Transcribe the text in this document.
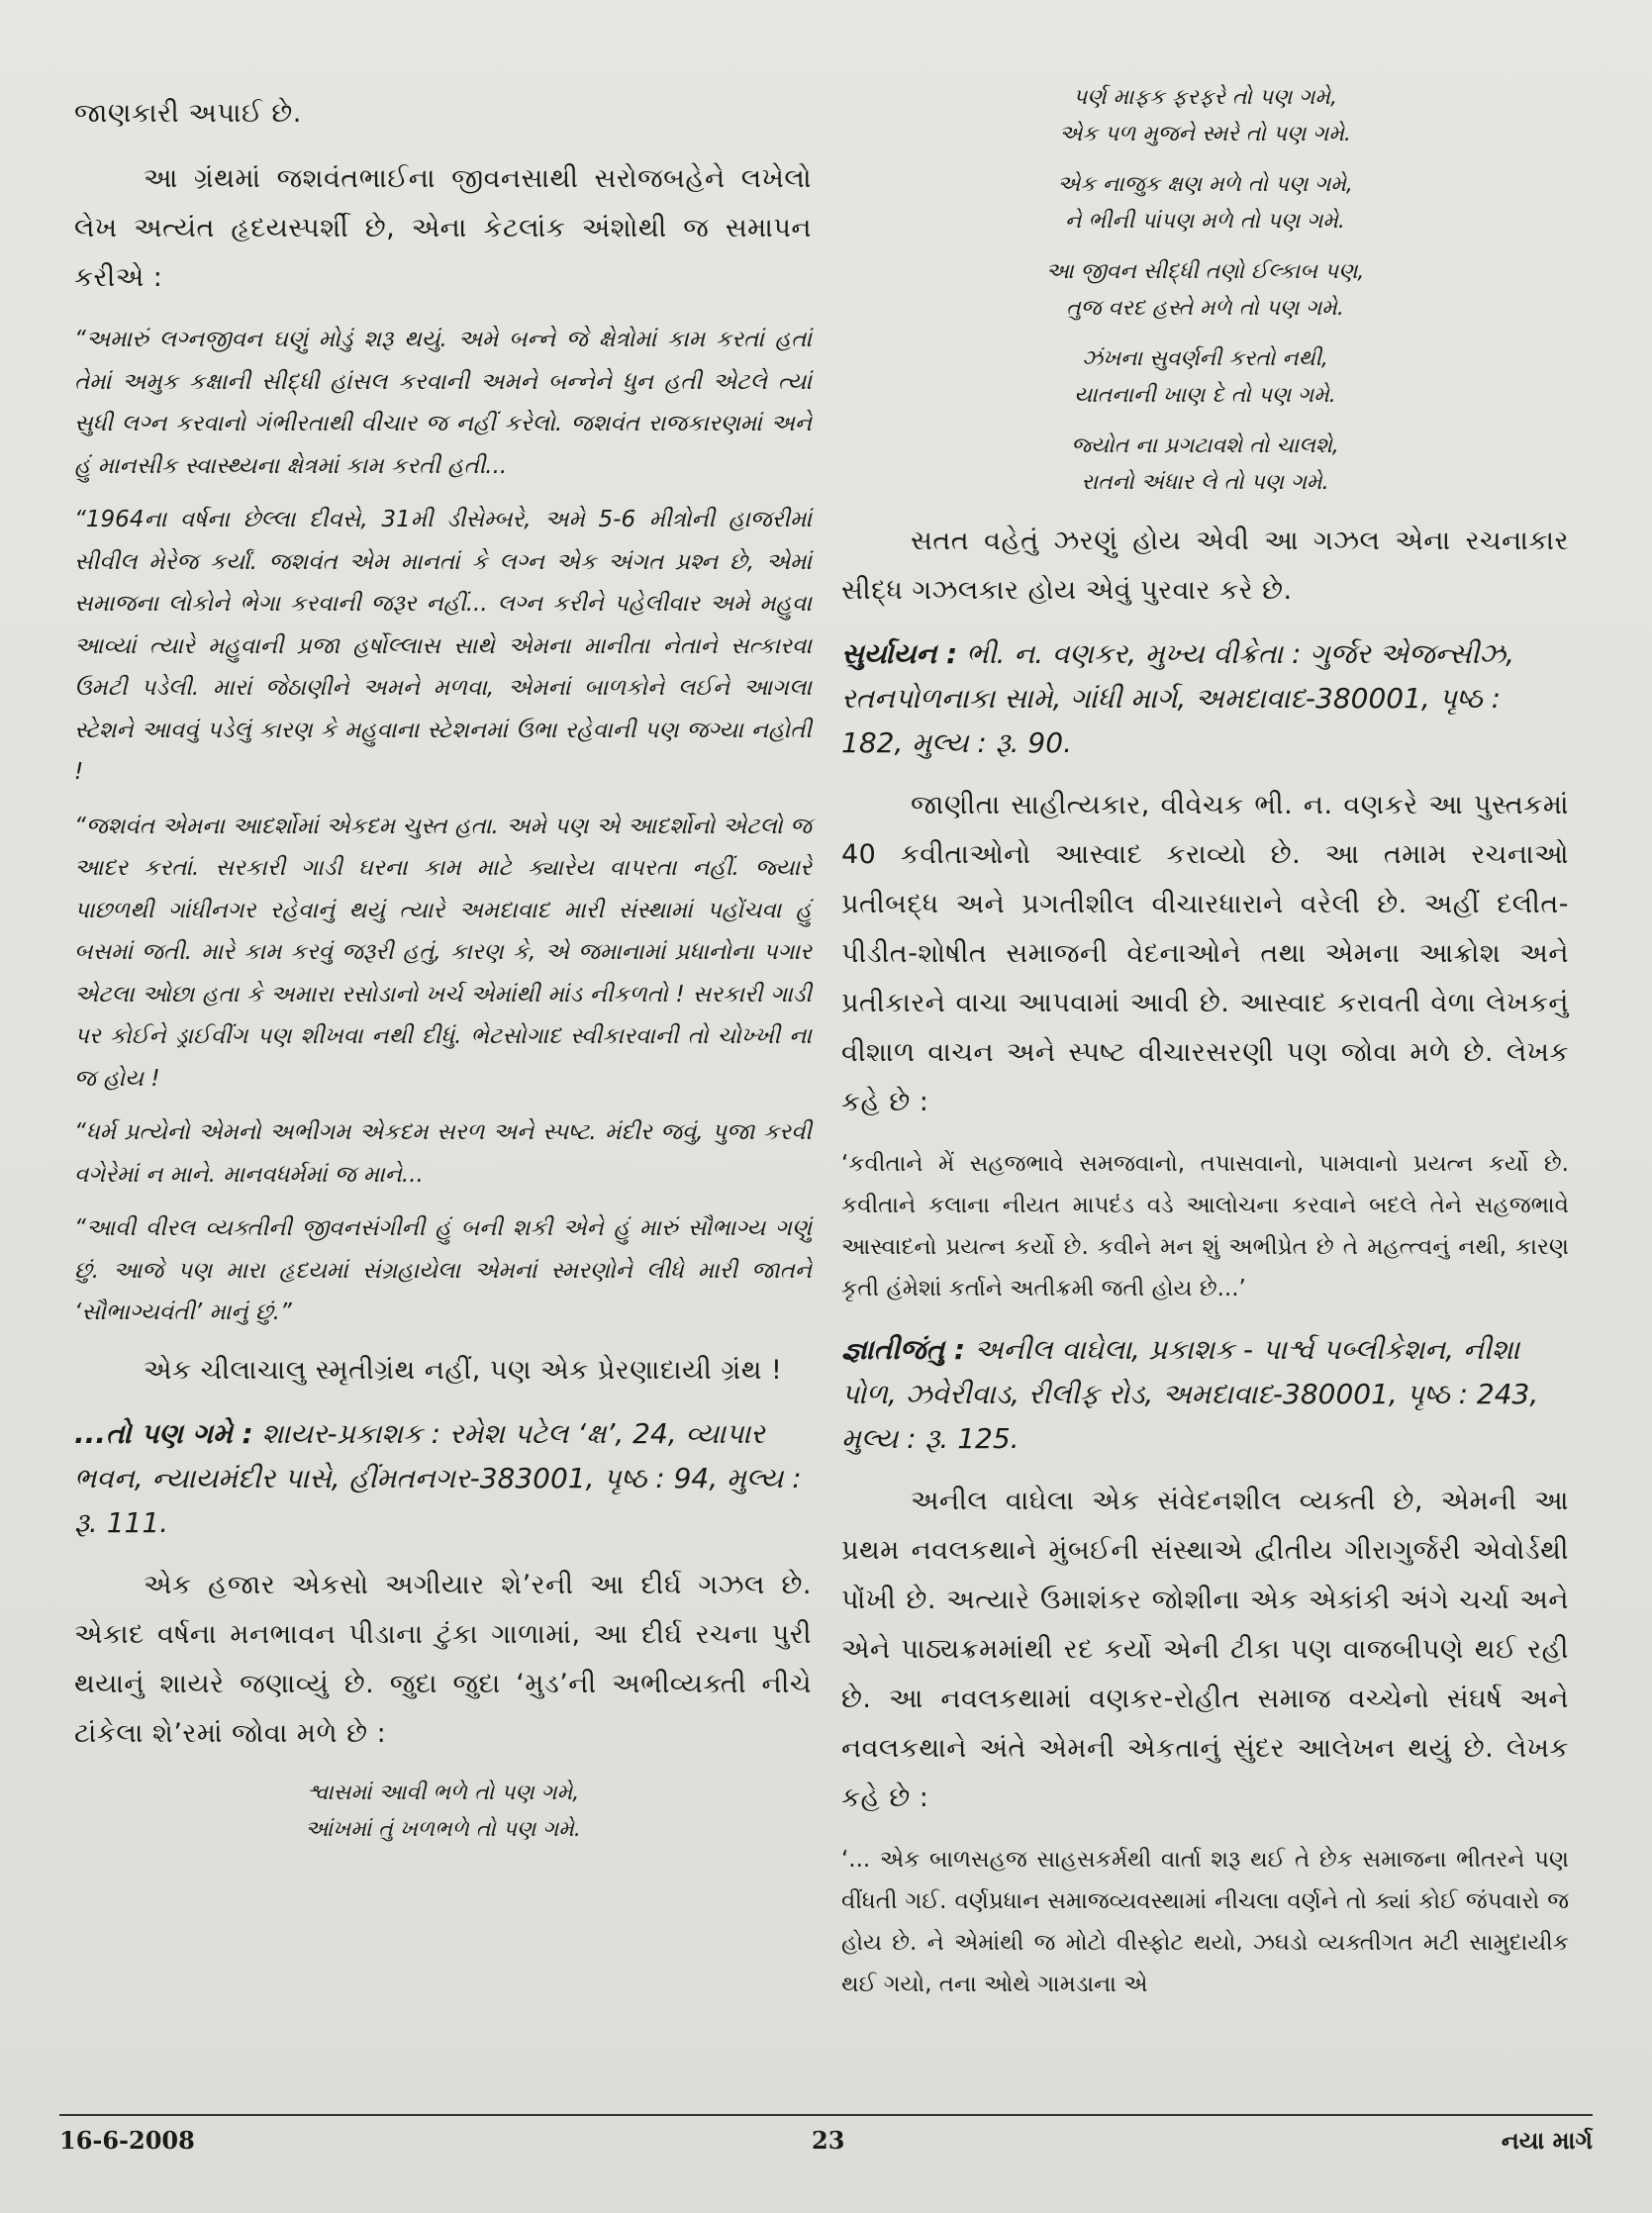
જાણકારી અપાઈ છે.

આ ગ્રંથમાં જશવંતભાઈના જીવનસાથી સરોજબહેને લખેલો લેખ અત્યંત હૃદયસ્પર્શી છે, એના કેટલાંક અંશોથી જ સમાપન કરીએ :

“અમારું લગ્નજીવન ઘણું મોડું શરૂ થયું. અમે બન્ને જે ક્ષેત્રોમાં કામ કરતાં હતાં તેમાં અમુક કક્ષાની સીદ્ધી હાંસલ કરવાની અમને બન્નેને ધુન હતી એટલે ત્યાં સુધી લગ્ન કરવાનો ગંભીરતાથી વીચાર જ નહીં કરેલો. જશવંત રાજકારણમાં અને હું માનસીક સ્વાસ્થ્યના ક્ષેત્રમાં કામ કરતી હતી...

“1964ના વર્ષના છેલ્લા દીવસે, 31મી ડીસેમ્બરે, અમે 5-6 મીત્રોની હાજરીમાં સીવીલ મેરેજ કર્યાં. જશવંત એમ માનતાં કે લગ્ન એક અંગત પ્રશ્ન છે, એમાં સમાજના લોકોને ભેગા કરવાની જરૂર નહીં... લગ્ન કરીને પહેલીવાર અમે મહુવા આવ્યાં ત્યારે મહુવાની પ્રજા હર્ષોલ્લાસ સાથે એમના માનીતા નેતાને સત્કારવા ઉમટી પડેલી. મારાં જેઠાણીને અમને મળવા, એમનાં બાળકોને લઈને આગલા સ્ટેશને આવવું પડેલું કારણ કે મહુવાના સ્ટેશનમાં ઉભા રહેવાની પણ જગ્યા નહોતી !

“જશવંત એમના આદર્શોમાં એકદમ ચુસ્ત હતા. અમે પણ એ આદર્શોનો એટલો જ આદર કરતાં. સરકારી ગાડી ઘરના કામ માટે ક્યારેય વાપરતા નહીં. જ્યારે પાછળથી ગાંધીનગર રહેવાનું થયું ત્યારે અમદાવાદ મારી સંસ્થામાં પહોંચવા હું બસમાં જતી. મારે કામ કરવું જરૂરી હતું, કારણ કે, એ જમાનામાં પ્રધાનોના પગાર એટલા ઓછા હતા કે અમારા રસોડાનો ખર્ચ એમાંથી માંડ નીકળતો ! સરકારી ગાડી પર કોઈને ડ્રાઈવીંગ પણ શીખવા નથી દીધું. ભેટસોગાદ સ્વીકારવાની તો ચોખ્ખી ના જ હોય !

“ધર્મ પ્રત્યેનો એમનો અભીગમ એકદમ સરળ અને સ્પષ્ટ. મંદીર જવું, પુજા કરવી વગેરેમાં ન માને. માનવધર્મમાં જ માને...

“આવી વીરલ વ્યક્તીની જીવનસંગીની હું બની શકી એને હું મારું સૌભાગ્ય ગણું છું. આજે પણ મારા હૃદયમાં સંગ્રહાયેલા એમનાં સ્મરણોને લીધે મારી જાતને ‘સૌભાગ્યવંતી’ માનું છું.”

એક ચીલાચાલુ સ્મૃતીગ્રંથ નહીં, પણ એક પ્રેરણાદાયી ગ્રંથ !

...તો પણ ગમે : શાયર-પ્રકાશક : રમેશ પટેલ ‘ક્ષ’, 24, વ્યાપાર ભવન, ન્યાયમંદીર પાસે, હીંમતનગર-383001, પૃષ્ઠ : 94, મુલ્ય : રૂ. 111.

એક હજાર એકસો અગીયાર શે’રની આ દીર્ઘ ગઝલ છે. એકાદ વર્ષના મનભાવન પીડાના ટુંકા ગાળામાં, આ દીર્ઘ રચના પુરી થયાનું શાયરે જણાવ્યું છે. જુદા જુદા ‘મુડ’ની અભીવ્યક્તી નીચે ટાંકેલા શે’રમાં જોવા મળે છે :

શ્વાસમાં આવી ભળે તો પણ ગમે,
આંખમાં તું ખળભળે તો પણ ગમે.
પર્ણ માફક ફરફરે તો પણ ગમે,
એક પળ મુજને સ્મરે તો પણ ગમે.
એક નાજુક ક્ષણ મળે તો પણ ગમે,
ને ભીની પાંપણ મળે તો પણ ગમે.
આ જીવન સીદ્ધી તણો ઈલ્કાબ પણ,
તુજ વરદ હસ્તે મળે તો પણ ગમે.
ઝંખના સુવર્ણની કરતો નથી,
યાતનાની ખાણ દે તો પણ ગમે.
જ્યોત ના પ્રગટાવશે તો ચાલશે,
રાતનો અંધાર લે તો પણ ગમે.

સતત વહેતું ઝરણું હોય એવી આ ગઝલ એના રચનાકાર સીદ્ધ ગઝલકાર હોય એવું પુરવાર કરે છે.

સુર્યાયન : ભી. ન. વણકર, મુખ્ય વીક્રેતા : ગુર્જર એજન્સીઝ, રતનપોળનાકા સામે, ગાંધી માર્ગ, અમદાવાદ-380001, પૃષ્ઠ : 182, મુલ્ય : રૂ. 90.

જાણીતા સાહીત્યકાર, વીવેચક ભી. ન. વણકરે આ પુસ્તકમાં 40 કવીતાઓનો આસ્વાદ કરાવ્યો છે. આ તમામ રચનાઓ પ્રતીબદ્ધ અને પ્રગતીશીલ વીચારધારાને વરેલી છે. અહીં દલીત-પીડીત-શોષીત સમાજની વેદનાઓને તથા એમના આક્રોશ અને પ્રતીકારને વાચા આપવામાં આવી છે. આસ્વાદ કરાવતી વેળા લેખકનું વીશાળ વાચન અને સ્પષ્ટ વીચારસરણી પણ જોવા મળે છે. લેખક કહે છે :

‘કવીતાને મેં સહજભાવે સમજવાનો, તપાસવાનો, પામવાનો પ્રયત્ન કર્યો છે. કવીતાને કલાના નીયત માપદંડ વડે આલોચના કરવાને બદલે તેને સહજભાવે આસ્વાદનો પ્રયત્ન કર્યો છે. કવીને મન શું અભીપ્રેત છે તે મહત્ત્વનું નથી, કારણ કૃતી હંમેશાં કર્તાને અતીક્રમી જતી હોય છે...’

જ્ઞાતીજંતુ : અનીલ વાઘેલા, પ્રકાશક - પાર્શ્વ પબ્લીકેશન, નીશા પોળ, ઝવેરીવાડ, રીલીફ રોડ, અમદાવાદ-380001, પૃષ્ઠ : 243, મુલ્ય : રૂ. 125.

અનીલ વાઘેલા એક સંવેદનશીલ વ્યક્તી છે, એમની આ પ્રથમ નવલકથાને મુંબઈની સંસ્થાએ દ્વીતીય ગીરાગુર્જરી એવોર્ડથી પોંખી છે. અત્યારે ઉમાશંકર જોશીના એક એકાંકી અંગે ચર્ચા અને એને પાઠ્યક્રમમાંથી રદ કર્યો એની ટીકા પણ વાજબીપણે થઈ રહી છે. આ નવલકથામાં વણકર-રોહીત સમાજ વચ્ચેનો સંઘર્ષ અને નવલકથાને અંતે એમની એકતાનું સુંદર આલેખન થયું છે. લેખક કહે છે :

‘... એક બાળસહજ સાહસકર્મથી વાર્તા શરૂ થઈ તે છેક સમાજના ભીતરને પણ વીંધતી ગઈ. વર્ણપ્રધાન સમાજવ્યવસ્થામાં નીચલા વર્ણને તો ક્યાં કોઈ જંપવારો જ હોય છે. ને એમાંથી જ મોટો વીસ્ફોટ થયો, ઝઘડો વ્યક્તીગત મટી સામુદાયીક થઈ ગયો, તના ઓથે ગામડાના એ

16-6-2008	23	નયા માર્ગ
